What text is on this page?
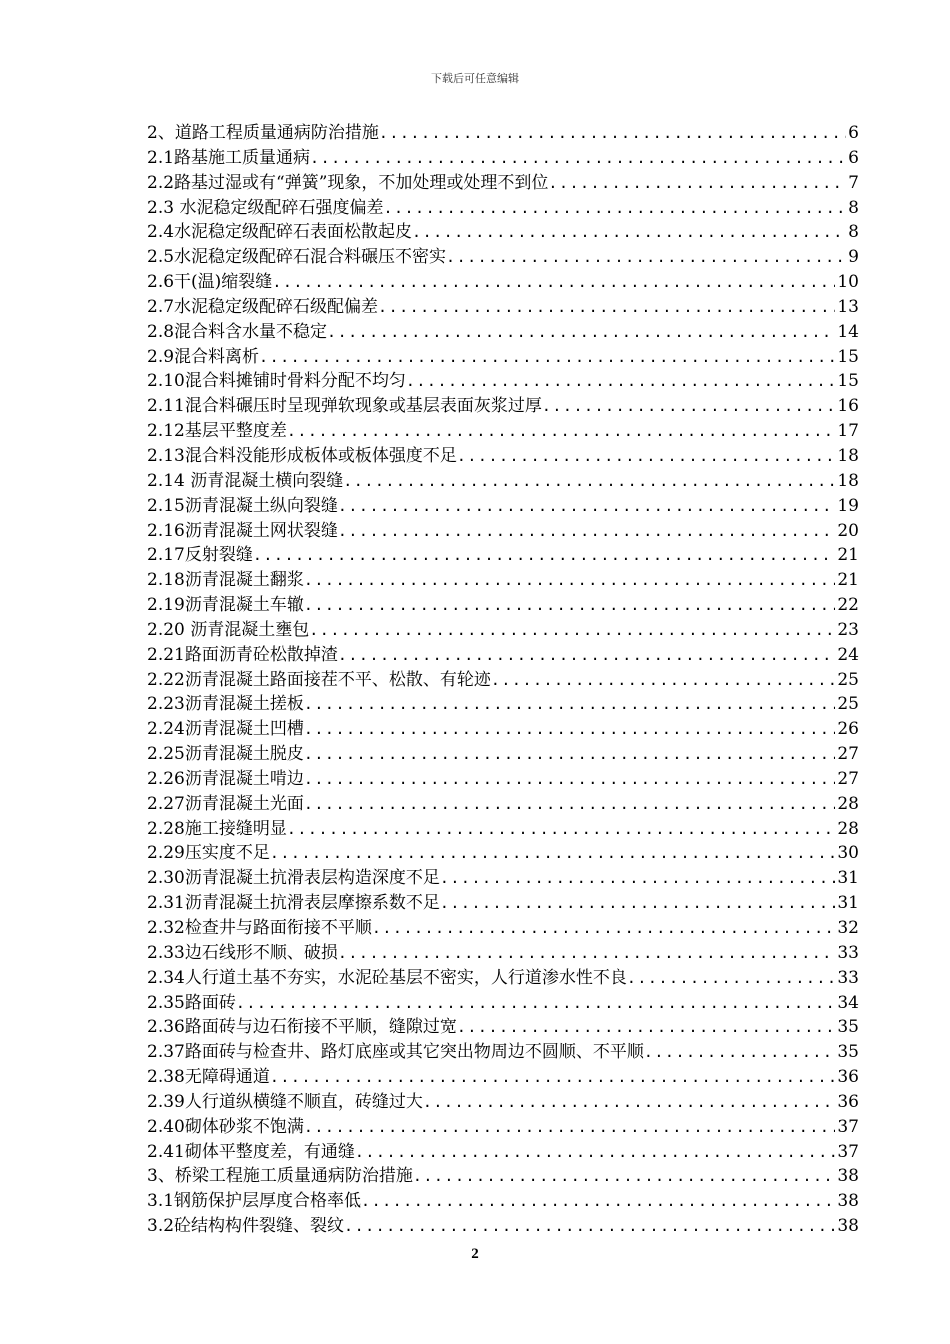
下载后可任意编辑
2、道路工程质量通病防治措施 .....	6
2.1路基施工质量通病 .....	6
2.2路基过湿或有“弹簧”现象，不加处理或处理不到位 .....	7
2.3 水泥稳定级配碎石强度偏差 .....	8
2.4水泥稳定级配碎石表面松散起皮 .....	8
2.5水泥稳定级配碎石混合料碾压不密实 .....	9
2.6干(温)缩裂缝 .....	10
2.7水泥稳定级配碎石级配偏差 .....	13
2.8混合料含水量不稳定 .....	14
2.9混合料离析 .....	15
2.10混合料摊铺时骨料分配不均匀 .....	15
2.11混合料碾压时呈现弹软现象或基层表面灰浆过厚 .....	16
2.12基层平整度差 .....	17
2.13混合料没能形成板体或板体强度不足 .....	18
2.14 沥青混凝土横向裂缝 .....	18
2.15沥青混凝土纵向裂缝 .....	19
2.16沥青混凝土网状裂缝 .....	20
2.17反射裂缝 .....	21
2.18沥青混凝土翻浆 .....	21
2.19沥青混凝土车辙 .....	22
2.20 沥青混凝土壅包 .....	23
2.21路面沥青砼松散掉渣 .....	24
2.22沥青混凝土路面接茬不平、松散、有轮迹 .....	25
2.23沥青混凝土搓板 .....	25
2.24沥青混凝土凹槽 .....	26
2.25沥青混凝土脱皮 .....	27
2.26沥青混凝土啃边 .....	27
2.27沥青混凝土光面 .....	28
2.28施工接缝明显 .....	28
2.29压实度不足 .....	30
2.30沥青混凝土抗滑表层构造深度不足 .....	31
2.31沥青混凝土抗滑表层摩擦系数不足 .....	31
2.32检查井与路面衔接不平顺 .....	32
2.33边石线形不顺、破损 .....	33
2.34人行道土基不夯实，水泥砼基层不密实，人行道渗水性不良 .....	33
2.35路面砖 .....	34
2.36路面砖与边石衔接不平顺，缝隙过宽 .....	35
2.37路面砖与检查井、路灯底座或其它突出物周边不圆顺、不平顺 .....	35
2.38无障碍通道 .....	36
2.39人行道纵横缝不顺直，砖缝过大 .....	36
2.40砌体砂浆不饱满 .....	37
2.41砌体平整度差，有通缝 .....	37
3、桥梁工程施工质量通病防治措施 .....	38
3.1钢筋保护层厚度合格率低 .....	38
3.2砼结构构件裂缝、裂纹 .....	38
2
